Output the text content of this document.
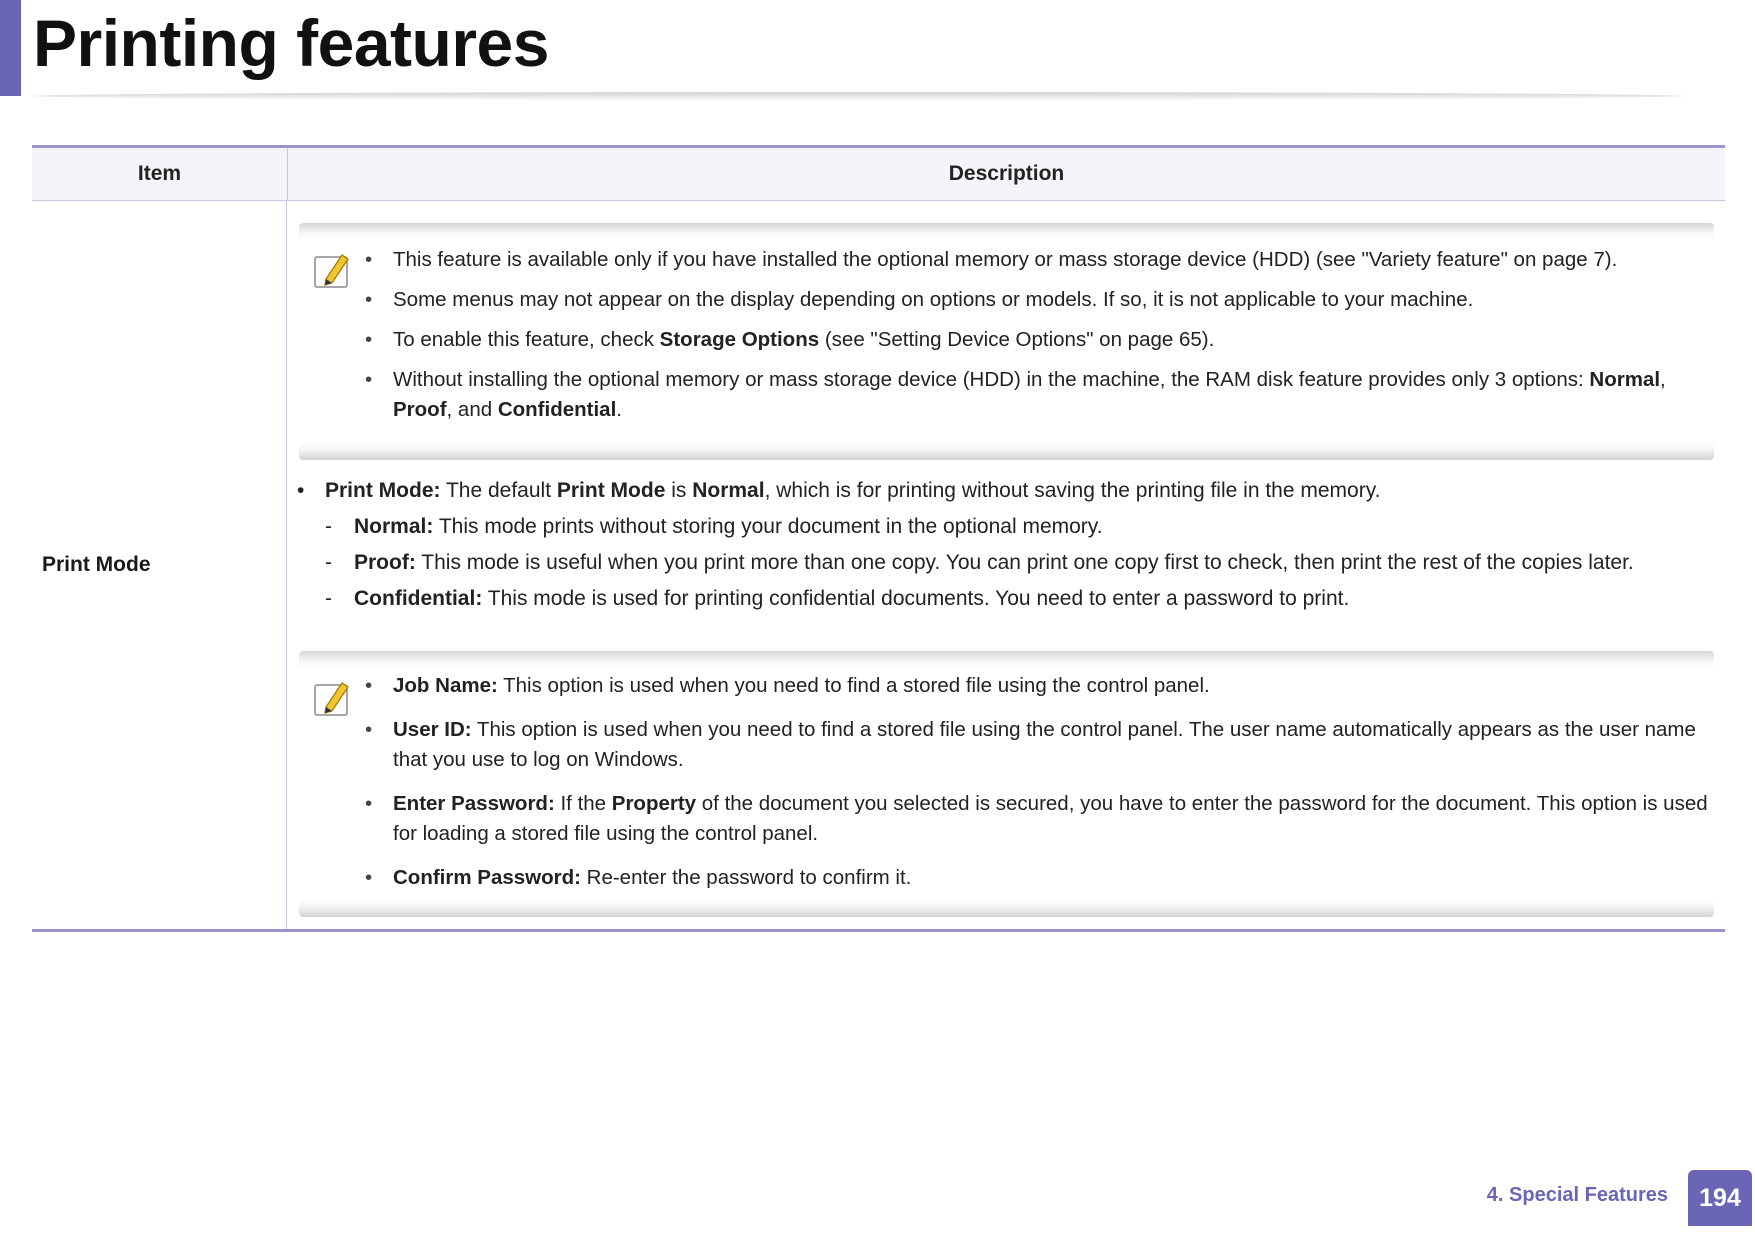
Printing features
Item	Description
Print Mode
• This feature is available only if you have installed the optional memory or mass storage device (HDD) (see "Variety feature" on page 7).
• Some menus may not appear on the display depending on options or models. If so, it is not applicable to your machine.
• To enable this feature, check Storage Options (see "Setting Device Options" on page 65).
• Without installing the optional memory or mass storage device (HDD) in the machine, the RAM disk feature provides only 3 options: Normal, Proof, and Confidential.
• Print Mode: The default Print Mode is Normal, which is for printing without saving the printing file in the memory.
- Normal: This mode prints without storing your document in the optional memory.
- Proof: This mode is useful when you print more than one copy. You can print one copy first to check, then print the rest of the copies later.
- Confidential: This mode is used for printing confidential documents. You need to enter a password to print.
• Job Name: This option is used when you need to find a stored file using the control panel.
• User ID: This option is used when you need to find a stored file using the control panel. The user name automatically appears as the user name that you use to log on Windows.
• Enter Password: If the Property of the document you selected is secured, you have to enter the password for the document. This option is used for loading a stored file using the control panel.
• Confirm Password: Re-enter the password to confirm it.
4. Special Features	194
